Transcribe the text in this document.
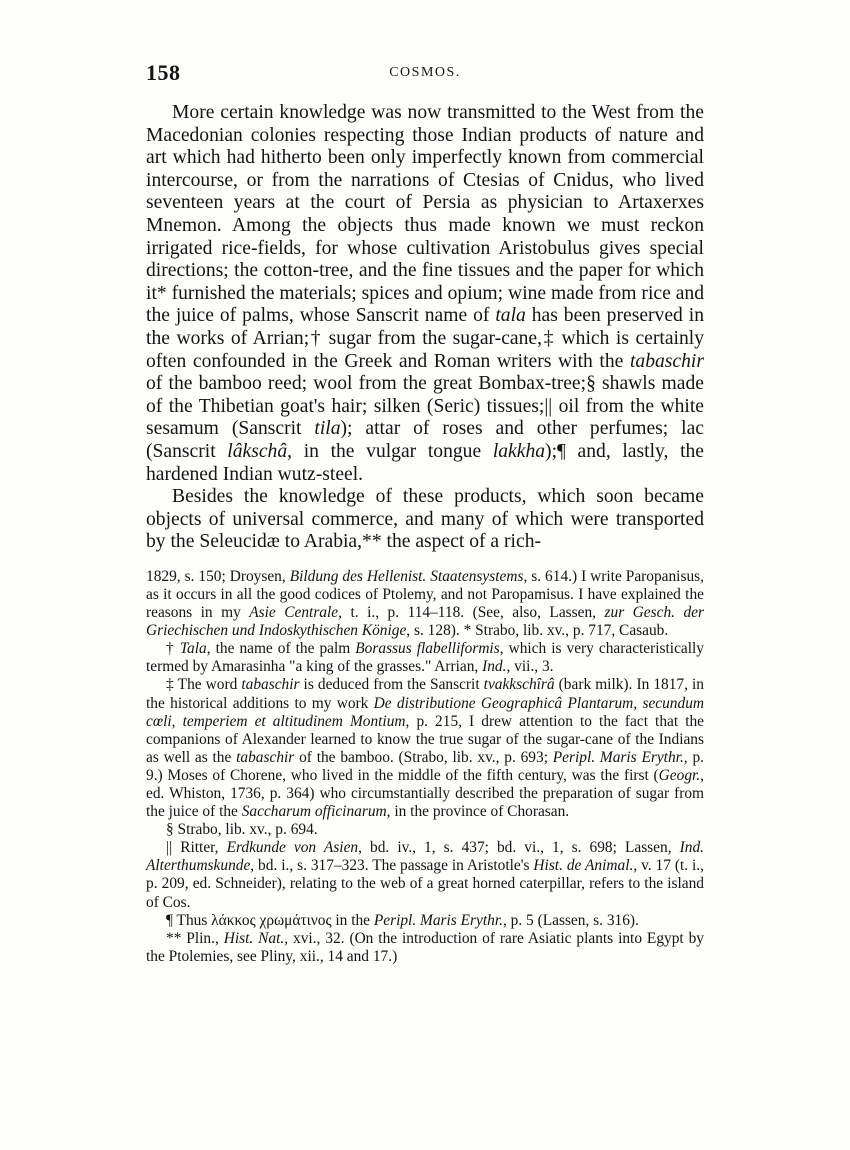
158	COSMOS.

More certain knowledge was now transmitted to the West from the Macedonian colonies respecting those Indian products of nature and art which had hitherto been only imperfectly known from commercial intercourse, or from the narrations of Ctesias of Cnidus, who lived seventeen years at the court of Persia as physician to Artaxerxes Mnemon. Among the objects thus made known we must reckon irrigated rice-fields, for whose cultivation Aristobulus gives special directions; the cotton-tree, and the fine tissues and the paper for which it* furnished the materials; spices and opium; wine made from rice and the juice of palms, whose Sanscrit name of tala has been preserved in the works of Arrian;† sugar from the sugar-cane,‡ which is certainly often confounded in the Greek and Roman writers with the tabaschir of the bamboo reed; wool from the great Bombax-tree;§ shawls made of the Thibetian goat's hair; silken (Seric) tissues;|| oil from the white sesamum (Sanscrit tila); attar of roses and other perfumes; lac (Sanscrit lâkschâ, in the vulgar tongue lakkha);¶ and, lastly, the hardened Indian wutz-steel.

Besides the knowledge of these products, which soon became objects of universal commerce, and many of which were transported by the Seleucidæ to Arabia,** the aspect of a rich-

1829, s. 150; Droysen, Bildung des Hellenist. Staatensystems, s. 614.) I write Paropanisus, as it occurs in all the good codices of Ptolemy, and not Paropamisus. I have explained the reasons in my Asie Centrale, t. i., p. 114–118. (See, also, Lassen, zur Gesch. der Griechischen und Indoskythischen Könige, s. 128). * Strabo, lib. xv., p. 717, Casaub.

† Tala, the name of the palm Borassus flabelliformis, which is very characteristically termed by Amarasinha "a king of the grasses." Arrian, Ind., vii., 3.

‡ The word tabaschir is deduced from the Sanscrit tvakkschîrâ (bark milk). In 1817, in the historical additions to my work De distributione Geographicâ Plantarum, secundum cœli, temperiem et altitudinem Montium, p. 215, I drew attention to the fact that the companions of Alexander learned to know the true sugar of the sugar-cane of the Indians as well as the tabaschir of the bamboo. (Strabo, lib. xv., p. 693; Peripl. Maris Erythr., p. 9.) Moses of Chorene, who lived in the middle of the fifth century, was the first (Geogr., ed. Whiston, 1736, p. 364) who circumstantially described the preparation of sugar from the juice of the Saccharum officinarum, in the province of Chorasan.

§ Strabo, lib. xv., p. 694.

|| Ritter, Erdkunde von Asien, bd. iv., 1, s. 437; bd. vi., 1, s. 698; Lassen, Ind. Alterthumskunde, bd. i., s. 317–323. The passage in Aristotle's Hist. de Animal., v. 17 (t. i., p. 209, ed. Schneider), relating to the web of a great horned caterpillar, refers to the island of Cos.

¶ Thus λάκκος χρωμάτινος in the Peripl. Maris Erythr., p. 5 (Lassen, s. 316).

** Plin., Hist. Nat., xvi., 32. (On the introduction of rare Asiatic plants into Egypt by the Ptolemies, see Pliny, xii., 14 and 17.)
